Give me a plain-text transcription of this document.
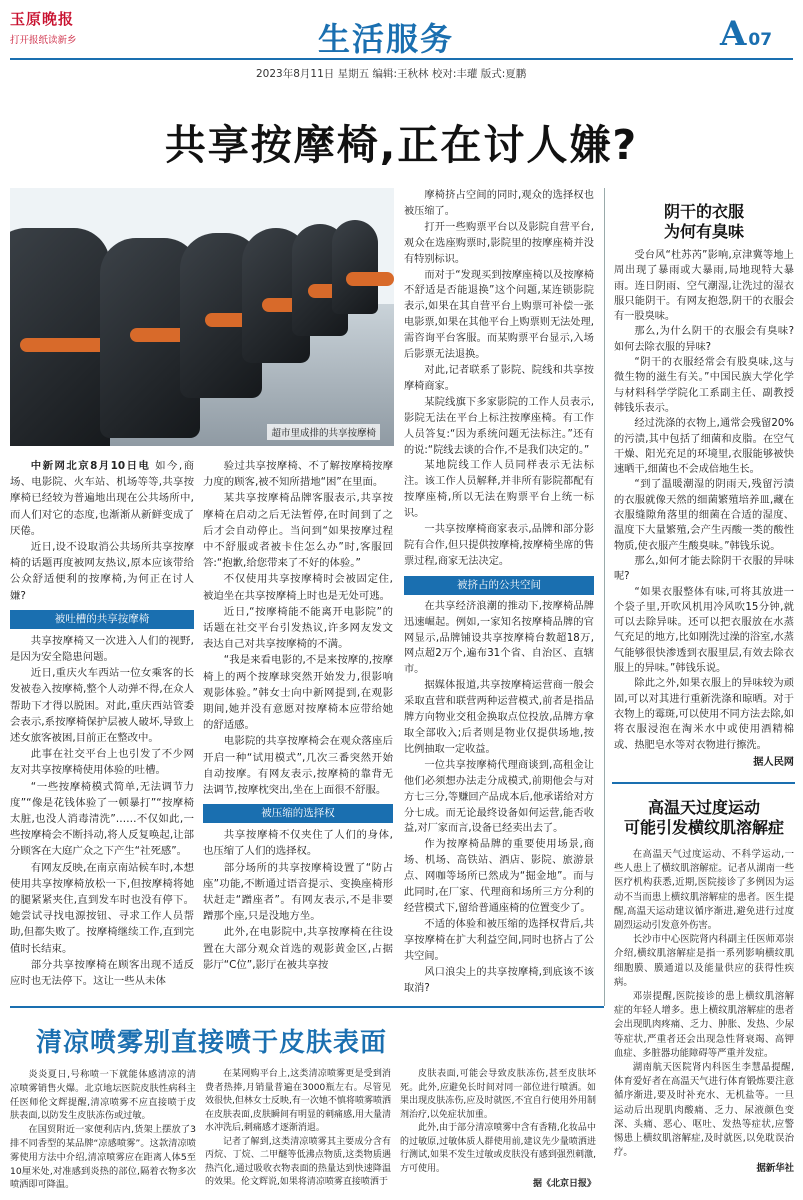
玉原晚报
打开报纸读新乡	生活服务	A 07
2023年8月11日 星期五 编辑:王秋林 校对:丰瓘 版式:夏鹏
共享按摩椅,正在讨人嫌?
超市里成排的共享按摩椅

中新网北京8月10日电 如今,商场、电影院、火车站、机场等等,共享按摩椅已经较为普遍地出现在公共场所中,而人们对它的态度,也渐渐从新鲜变成了厌倦。

近日,设不设取消公共场所共享按摩椅的话题再度被网友热议,原本应该带给公众舒适便利的按摩椅,为何正在讨人嫌?

被吐槽的共享按摩椅

共享按摩椅又一次进入人们的视野,是因为安全隐患问题。

近日,重庆火车西站一位女乘客的长发被卷入按摩椅,整个人动弹不得,在众人帮助下才得以脱困。对此,重庆西站管委会表示,系按摩椅保护层被人破坏,导致上述女旅客被困,目前正在整改中。

此事在社交平台上也引发了不少网友对共享按摩椅使用体验的吐槽。

“一些按摩椅模式简单,无法调节力度”“像是花钱体验了一顿暴打”“按摩椅太脏,也没人消毒清洗”……不仅如此,一些按摩椅会不断抖动,将人反复唤起,让部分顾客在大庭广众之下产生“社死感”。

有网友反映,在南京南站候车时,本想使用共享按摩椅放松一下,但按摩椅将她的腿紧紧夹住,直到发车时也没有停下。她尝试寻找电源按钮、寻求工作人员帮助,但都失败了。按摩椅继续工作,直到完值时长结束。

部分共享按摩椅在顾客出现不适反应时也无法停下。这让一些从未体

验过共享按摩椅、不了解按摩椅按摩力度的顾客,被不知所措地“困”在里面。

某共享按摩椅品牌客服表示,共享按摩椅在启动之后无法暂停,在时间到了之后才会自动停止。当问到“如果按摩过程中不舒服或者被卡住怎么办”时,客服回答:“抱歉,给您带来了不好的体验。”

不仅使用共享按摩椅时会被固定住,被迫坐在共享按摩椅上时也是无处可逃。

近日,“按摩椅能不能离开电影院”的话题在社交平台引发热议,许多网友发文表达自己对共享按摩椅的不满。

“我是来看电影的,不是来按摩的,按摩椅上的两个按摩球突然开始发力,很影响观影体验。”韩女士向中新网提到,在观影期间,她并没有意愿对按摩椅本应带给她的舒适感。

电影院的共享按摩椅会在观众落座后开启一种“试用模式”,几次三番突然开始自动按摩。有网友表示,按摩椅的靠背无法调节,按摩枕突出,坐在上面很不舒服。

被压缩的选择权

共享按摩椅不仅夹住了人们的身体,也压缩了人们的选择权。

部分场所的共享按摩椅设置了“防占座”功能,不断通过语音提示、变换座椅形状赶走“蹭座者”。有网友表示,不是非要蹭那个座,只是没地方坐。

此外,在电影院中,共享按摩椅在往设置在大部分观众首选的观影黄金区,占据影厅“C位”,影厅在被共享按

摩椅挤占空间的同时,观众的选择权也被压缩了。

打开一些购票平台以及影院自营平台,观众在选座购票时,影院里的按摩座椅并没有特别标识。

而对于“发现买到按摩座椅以及按摩椅不舒适是否能退换”这个问题,某连锁影院表示,如果在其自营平台上购票可补偿一张电影票,如果在其他平台上购票则无法处理,需咨询平台客服。而某购票平台显示,入场后影票无法退换。

对此,记者联系了影院、院线和共享按摩椅商家。

某院线旗下多家影院的工作人员表示,影院无法在平台上标注按摩座椅。有工作人员答复:“因为系统问题无法标注。”还有的说:“院线去谈的合作,不是我们决定的。”

某地院线工作人员同样表示无法标注。该工作人员解释,并非所有影院都配有按摩座椅,所以无法在购票平台上统一标识。

一共享按摩椅商家表示,品牌和部分影院有合作,但只提供按摩椅,按摩椅坐席的售票过程,商家无法决定。

被挤占的公共空间

在共享经济浪潮的推动下,按摩椅品牌迅速崛起。例如,一家知名按摩椅品牌的官网显示,品牌铺设共享按摩椅台数超18万,网点超2万个,遍布31个省、自治区、直辖市。

据媒体报道,共享按摩椅运营商一般会采取直营和联营两种运营模式,前者是指品牌方向物业交租金换取点位投放,品牌方拿取全部收入;后者则是物业仅提供场地,按比例抽取一定收益。

一位共享按摩椅代理商谈到,高租金让他们必须想办法走分成模式,前期他会与对方七三分,等赚回产品成本后,他承诺给对方分七成。而无论最终设备如何运营,能否收益,对厂家而言,设备已经卖出去了。

作为按摩椅品牌的重要使用场景,商场、机场、高铁站、酒店、影院、旅游景点、网咖等场所已然成为“掘金地”。而与此同时,在厂家、代理商和场所三方分利的经营模式下,留给普通座椅的位置变少了。

不适的体验和被压缩的选择权背后,共享按摩椅在扩大利益空间,同时也挤占了公共空间。

风口浪尖上的共享按摩椅,到底该不该取消?

阴干的衣服
为何有臭味

受台风“杜苏芮”影响,京津冀等地上周出现了暴雨或大暴雨,局地现特大暴雨。连日阴雨、空气潮湿,让洗过的湿衣服只能阴干。有网友抱怨,阴干的衣服会有一股臭味。

那么,为什么阴干的衣服会有臭味?如何去除衣服的异味?

“阴干的衣服经常会有股臭味,这与微生物的滋生有关。”中国民族大学化学与材料科学学院化工系副主任、副教授韩钱乐表示。

经过洗涤的衣物上,通常会残留20%的污渍,其中包括了细菌和皮脂。在空气干燥、阳光充足的环境里,衣服能够被快速晒干,细菌也不会成倍地生长。

“到了温暖潮湿的阴雨天,残留污渍的衣服就像天然的细菌繁殖培养皿,藏在衣服缝隙角落里的细菌在合适的湿度、温度下大量繁殖,会产生丙酸一类的酸性物质,使衣服产生酸臭味。”韩钱乐说。

那么,如何才能去除阴干衣服的异味呢?

“如果衣服整体有味,可将其放进一个袋子里,开吹风机用冷风吹15分钟,就可以去除异味。还可以把衣服放在水蒸气充足的地方,比如刚洗过澡的浴室,水蒸气能够很快渗透到衣服里层,有效去除衣服上的异味。”韩钱乐说。

除此之外,如果衣服上的异味较为顽固,可以对其进行重新洗涤和晾晒。对于衣物上的霉斑,可以使用不同方法去除,如将衣服浸泡在淘米水中或使用酒精棉或、热肥皂水等对衣物进行擦洗。

据人民网
高温天过度运动
可能引发横纹肌溶解症

在高温天气过度运动、不科学运动,一些人患上了横纹肌溶解症。记者从湖南一些医疗机构获悉,近期,医院接诊了多例因为运动不当而患上横纹肌溶解症的患者。医生提醒,高温天运动建议循序渐进,避免进行过度剧烈运动引发意外伤害。

长沙市中心医院肾内科副主任医师邓崇介绍,横纹肌溶解症是指一系列影响横纹肌细胞膜、膜通道以及能量供应的获得性疾病。

邓崇提醒,医院接诊的患上横纹肌溶解症的年轻人增多。患上横纹肌溶解症的患者会出现肌肉疼痛、乏力、肿胀、发热、少尿等症状,严重者还会出现急性肾衰竭、高钾血症、多脏器功能障碍等严重并发症。

湖南航天医院肾内科医生李慧晶提醒,体育爱好者在高温天气进行体育锻炼要注意循序渐进,要及时补充水、无机盐等。一旦运动后出现肌肉酸痛、乏力、尿液颜色变深、头痛、恶心、呕吐、发热等症状,应警惕患上横纹肌溶解症,及时就医,以免耽误治疗。

据新华社
清凉喷雾别直接喷于皮肤表面

炎炎夏日,号称喷一下就能体感清凉的清凉喷雾销售火爆。北京地坛医院皮肤性病科主任医师伦文辉提醒,清凉喷雾不应直接喷于皮肤表面,以防发生皮肤冻伤或过敏。

在国贸附近一家便利店内,货架上摆放了3排不同香型的某品牌“凉感喷雾”。这款清凉喷雾使用方法中介绍,清凉喷雾应在距离人体5至10厘米处,对准感到炎热的部位,隔着衣物多次喷洒即可降温。

在某网购平台上,这类清凉喷雾更是受到消费者热捧,月销量普遍在3000瓶左右。尽管见效很快,但林女士反映,有一次她不慎将喷雾喷洒在皮肤表面,皮肤瞬间有明显的刺痛感,用大量清水冲洗后,刺痛感才逐渐消退。

记者了解到,这类清凉喷雾其主要成分含有丙烷、丁烷、二甲醚等低沸点物质,这类物质遇热汽化,通过吸收衣物表面的热量达到快速降温的效果。伦文辉说,如果将清凉喷雾直接喷洒于

皮肤表面,可能会导致皮肤冻伤,甚至皮肤坏死。此外,应避免长时间对同一部位进行喷洒。如果出现皮肤冻伤,应及时就医,不宜自行使用外用制剂治疗,以免症状加重。

此外,由于部分清凉喷雾中含有香精,化妆品中的过敏原,过敏体质人群使用前,建议先少量喷洒进行测试,如果不发生过敏或皮肤没有感到强烈刺激,方可使用。

据《北京日报》
